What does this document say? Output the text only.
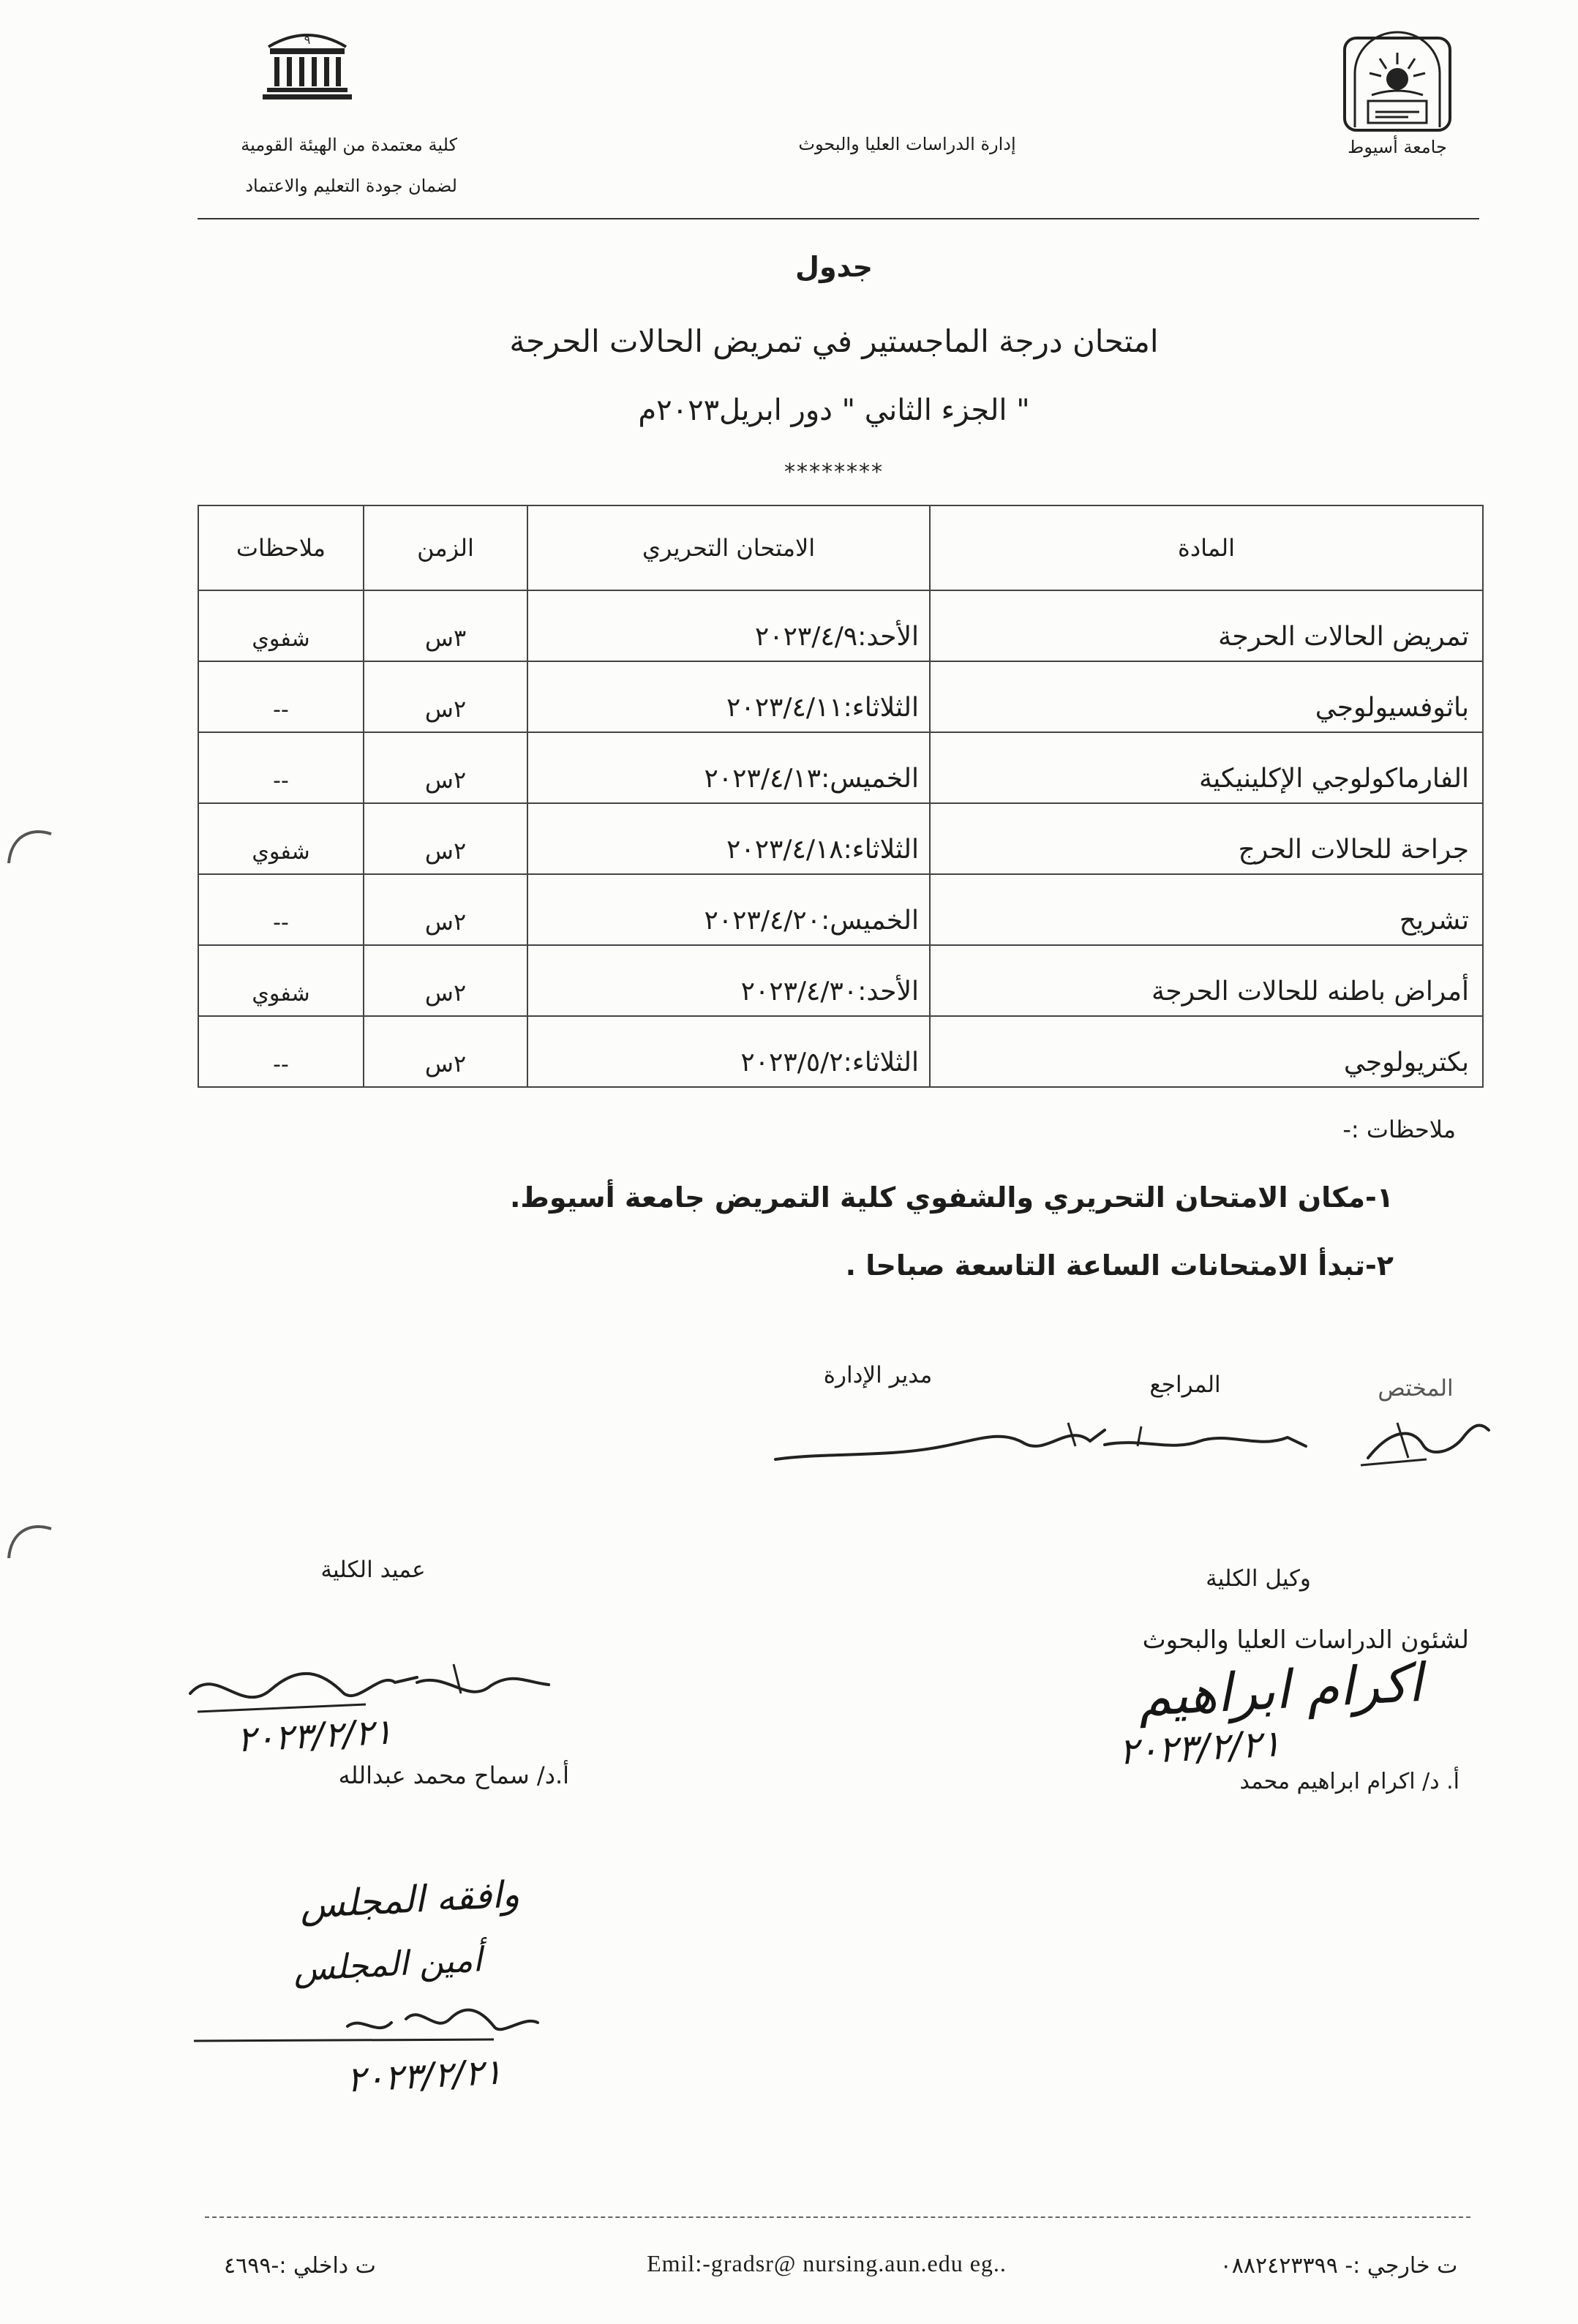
جامعة أسيوط
إدارة الدراسات العليا والبحوث
٩
كلية معتمدة من الهيئة القومية
لضمان جودة التعليم والاعتماد
جدول
امتحان درجة الماجستير في تمريض الحالات الحرجة
" الجزء الثاني " دور ابريل٢٠٢٣م
********
المادة	الامتحان التحريري	الزمن	ملاحظات
تمريض الحالات الحرجة	الأحد:٢٠٢٣/٤/٩	٣س	شفوي
باثوفسيولوجي	الثلاثاء:٢٠٢٣/٤/١١	٢س	--
الفارماكولوجي الإكلينيكية	الخميس:٢٠٢٣/٤/١٣	٢س	--
جراحة للحالات الحرج	الثلاثاء:٢٠٢٣/٤/١٨	٢س	شفوي
تشريح	الخميس:٢٠٢٣/٤/٢٠	٢س	--
أمراض باطنه للحالات الحرجة	الأحد:٢٠٢٣/٤/٣٠	٢س	شفوي
بكتريولوجي	الثلاثاء:٢٠٢٣/٥/٢	٢س	--
ملاحظات :-
١-مكان الامتحان التحريري والشفوي كلية التمريض جامعة أسيوط.
٢-تبدأ الامتحانات الساعة التاسعة صباحا .
المختص
المراجع
مدير الإدارة
وكيل الكلية
لشئون الدراسات العليا والبحوث
اكرام ابراهيم
٢٠٢٣/٢/٢١
أ. د/ اكرام ابراهيم محمد
عميد الكلية
٢٠٢٣/٢/٢١
أ.د/ سماح محمد عبدالله
وافقه المجلس
أمين المجلس
٢٠٢٣/٢/٢١
ت داخلي :-٤٦٩٩	Emil:-gradsr@ nursing.aun.edu eg..	ت خارجي :- ٠٨٨٢٤٢٣٣٩٩
